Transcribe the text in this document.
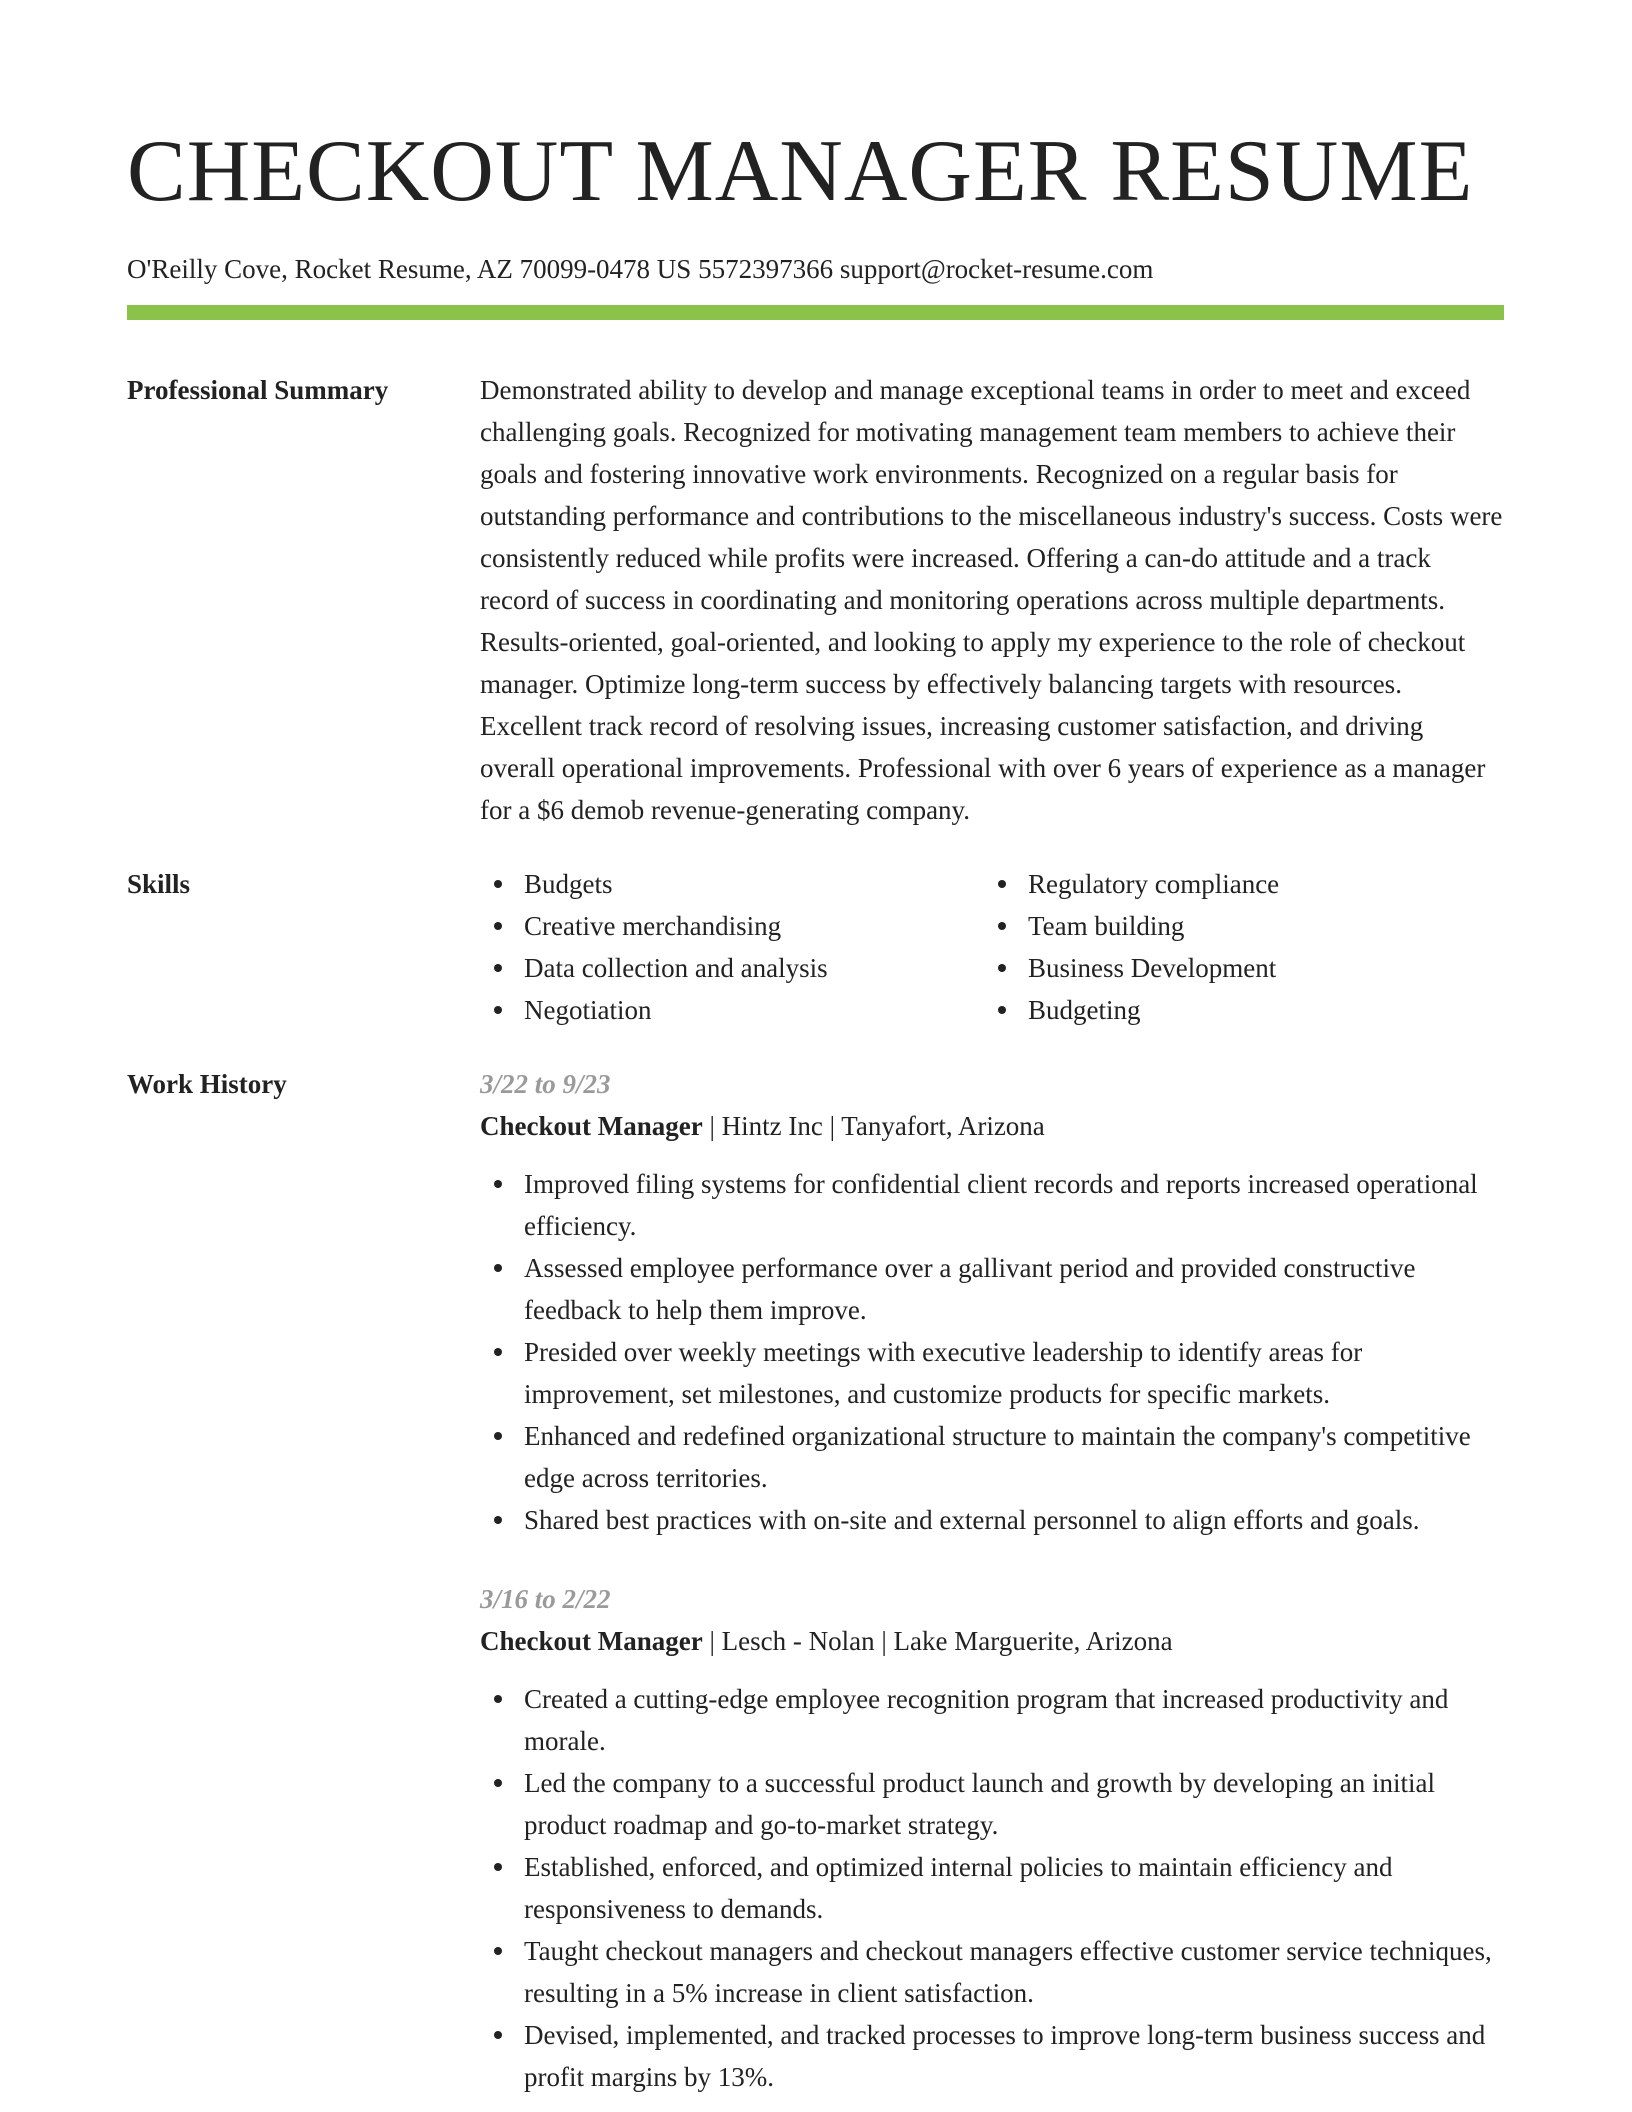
CHECKOUT MANAGER RESUME
O'Reilly Cove, Rocket Resume, AZ 70099-0478 US 5572397366 support@rocket-resume.com
Professional Summary	Demonstrated ability to develop and manage exceptional teams in order to meet and exceed challenging goals. Recognized for motivating management team members to achieve their goals and fostering innovative work environments. Recognized on a regular basis for outstanding performance and contributions to the miscellaneous industry's success. Costs were consistently reduced while profits were increased. Offering a can-do attitude and a track record of success in coordinating and monitoring operations across multiple departments. Results-oriented, goal-oriented, and looking to apply my experience to the role of checkout manager. Optimize long-term success by effectively balancing targets with resources. Excellent track record of resolving issues, increasing customer satisfaction, and driving overall operational improvements. Professional with over 6 years of experience as a manager for a $6 demob revenue-generating company.
Skills	Budgets
Creative merchandising
Data collection and analysis
Negotiation
Regulatory compliance
Team building
Business Development
Budgeting
Work History	3/22 to 9/23
Checkout Manager | Hintz Inc | Tanyafort, Arizona
Improved filing systems for confidential client records and reports increased operational efficiency.
Assessed employee performance over a gallivant period and provided constructive feedback to help them improve.
Presided over weekly meetings with executive leadership to identify areas for improvement, set milestones, and customize products for specific markets.
Enhanced and redefined organizational structure to maintain the company's competitive edge across territories.
Shared best practices with on-site and external personnel to align efforts and goals.
3/16 to 2/22
Checkout Manager | Lesch - Nolan | Lake Marguerite, Arizona
Created a cutting-edge employee recognition program that increased productivity and morale.
Led the company to a successful product launch and growth by developing an initial product roadmap and go-to-market strategy.
Established, enforced, and optimized internal policies to maintain efficiency and responsiveness to demands.
Taught checkout managers and checkout managers effective customer service techniques, resulting in a 5% increase in client satisfaction.
Devised, implemented, and tracked processes to improve long-term business success and profit margins by 13%.
